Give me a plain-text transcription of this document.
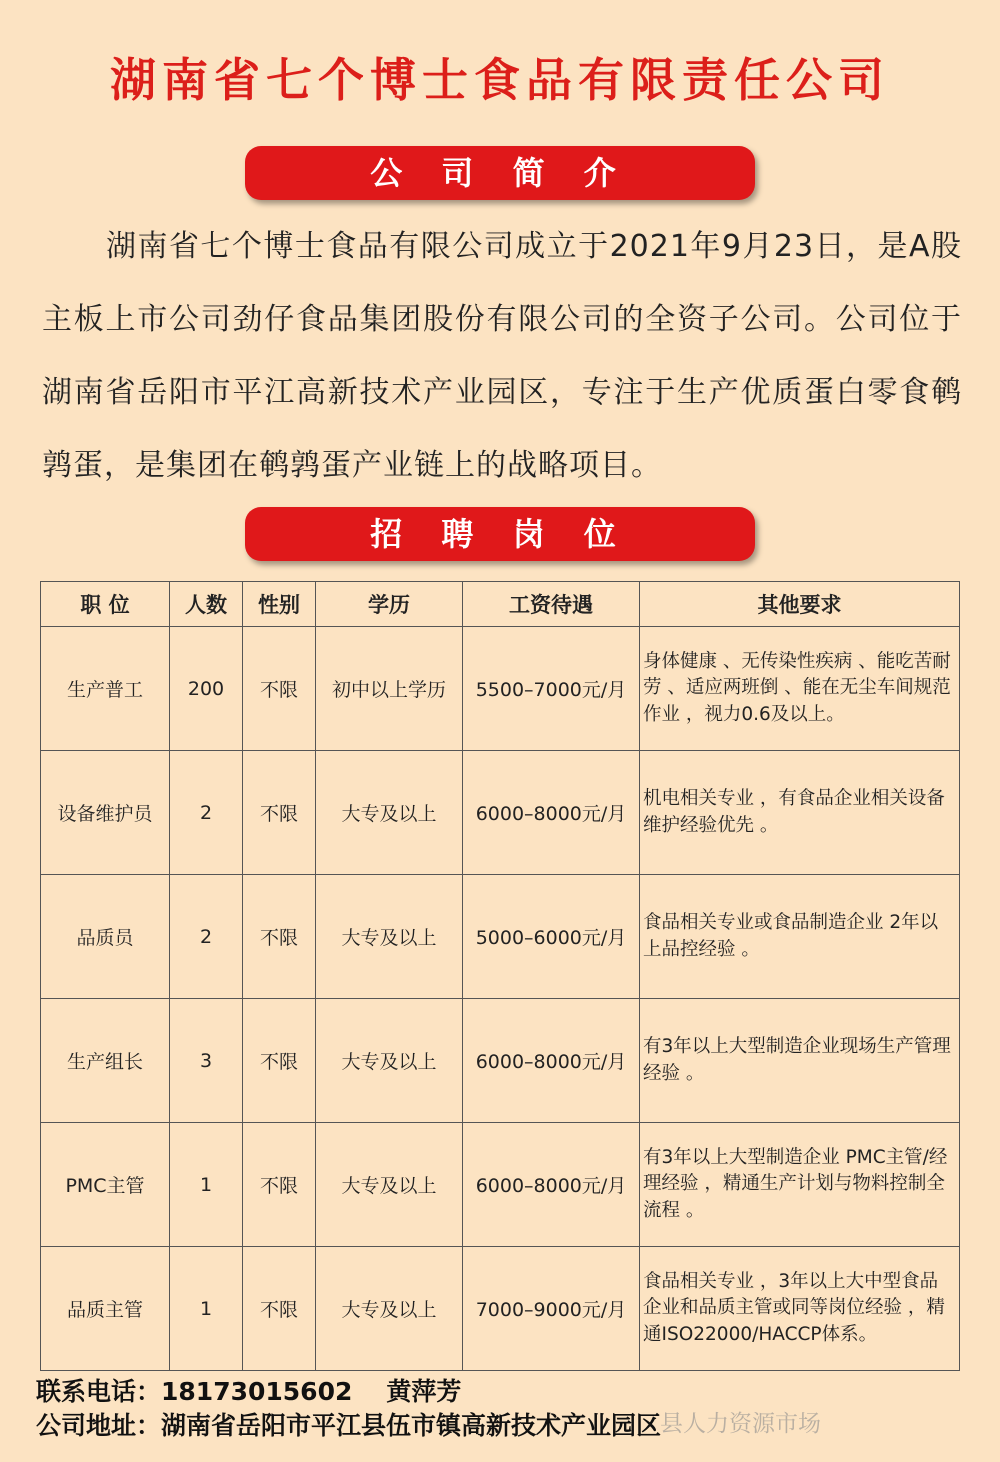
湖南省七个博士食品有限责任公司
公 司 简 介
湖南省七个博士食品有限公司成立于2021年9月23日，是A股主板上市公司劲仔食品集团股份有限公司的全资子公司。公司位于湖南省岳阳市平江高新技术产业园区，专注于生产优质蛋白零食鹌鹑蛋，是集团在鹌鹑蛋产业链上的战略项目。
招 聘 岗 位
职 位	人数	性别	学历	工资待遇	其他要求
生产普工	200	不限	初中以上学历	5500–7000元/月	身体健康 、无传染性疾病 、能吃苦耐劳 、适应两班倒 、能在无尘车间规范作业 ，视力0.6及以上。
设备维护员	2	不限	大专及以上	6000–8000元/月	机电相关专业 ，有食品企业相关设备维护经验优先 。
品质员	2	不限	大专及以上	5000–6000元/月	食品相关专业或食品制造企业 2年以上品控经验 。
生产组长	3	不限	大专及以上	6000–8000元/月	有3年以上大型制造企业现场生产管理经验 。
PMC主管	1	不限	大专及以上	6000–8000元/月	有3年以上大型制造企业 PMC主管/经理经验 ，精通生产计划与物料控制全流程 。
品质主管	1	不限	大专及以上	7000–9000元/月	食品相关专业 ，3年以上大中型食品企业和品质主管或同等岗位经验 ，精通ISO22000/HACCP体系。
联系电话：18173015602 黄萍芳
公司地址：湖南省岳阳市平江县伍市镇高新技术产业园区
县人力资源市场
